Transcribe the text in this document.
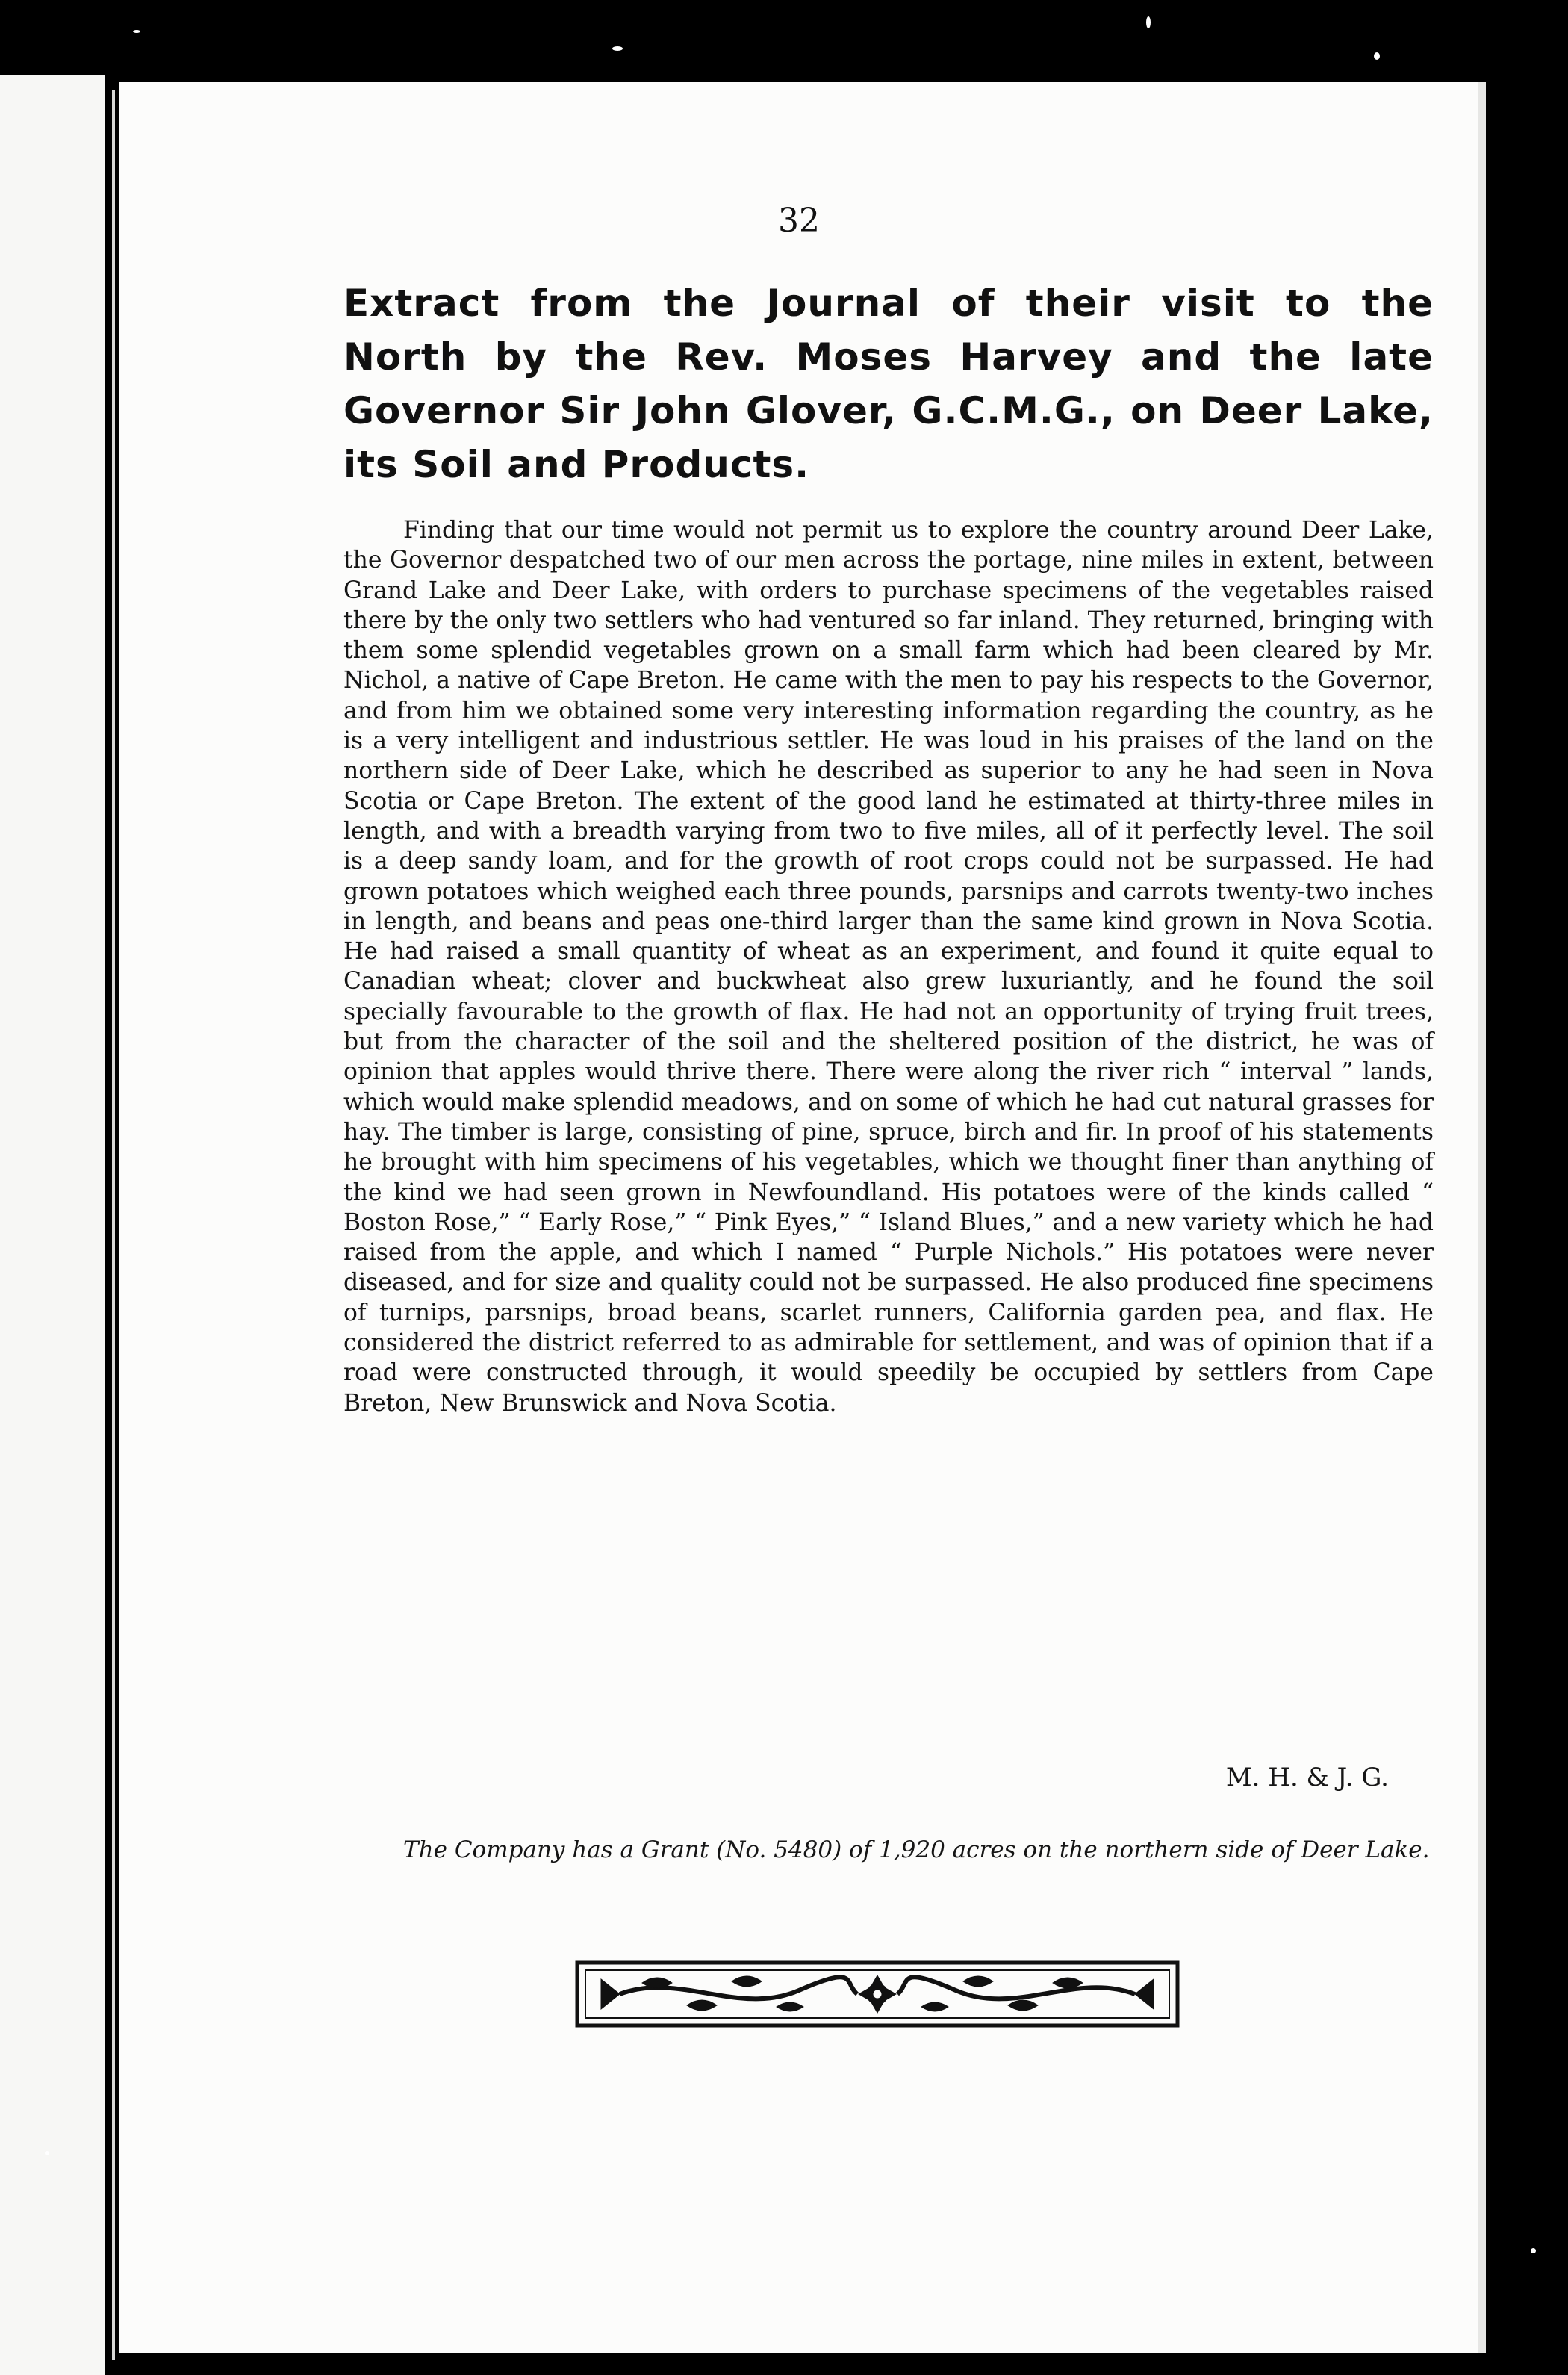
32
Extract from the Journal of their visit to the North by the Rev. Moses Harvey and the late Governor Sir John Glover, G.C.M.G., on Deer Lake, its Soil and Products.

Finding that our time would not permit us to explore the country around Deer Lake, the Governor despatched two of our men across the portage, nine miles in extent, between Grand Lake and Deer Lake, with orders to purchase specimens of the vegetables raised there by the only two settlers who had ventured so far inland. They returned, bringing with them some splendid vegetables grown on a small farm which had been cleared by Mr. Nichol, a native of Cape Breton. He came with the men to pay his respects to the Governor, and from him we obtained some very interesting information regarding the country, as he is a very intelligent and industrious settler. He was loud in his praises of the land on the northern side of Deer Lake, which he described as superior to any he had seen in Nova Scotia or Cape Breton. The extent of the good land he estimated at thirty-three miles in length, and with a breadth varying from two to five miles, all of it perfectly level. The soil is a deep sandy loam, and for the growth of root crops could not be surpassed. He had grown potatoes which weighed each three pounds, parsnips and carrots twenty-two inches in length, and beans and peas one-third larger than the same kind grown in Nova Scotia. He had raised a small quantity of wheat as an experiment, and found it quite equal to Canadian wheat; clover and buckwheat also grew luxuriantly, and he found the soil specially favourable to the growth of flax. He had not an opportunity of trying fruit trees, but from the character of the soil and the sheltered position of the district, he was of opinion that apples would thrive there. There were along the river rich “ interval ” lands, which would make splendid meadows, and on some of which he had cut natural grasses for hay. The timber is large, consisting of pine, spruce, birch and fir. In proof of his statements he brought with him specimens of his vegetables, which we thought finer than anything of the kind we had seen grown in Newfoundland. His potatoes were of the kinds called “ Boston Rose,” “ Early Rose,” “ Pink Eyes,” “ Island Blues,” and a new variety which he had raised from the apple, and which I named “ Purple Nichols.” His potatoes were never diseased, and for size and quality could not be surpassed. He also produced fine specimens of turnips, parsnips, broad beans, scarlet runners, California garden pea, and flax. He considered the district referred to as admirable for settlement, and was of opinion that if a road were constructed through, it would speedily be occupied by settlers from Cape Breton, New Brunswick and Nova Scotia.

M. H. & J. G.
The Company has a Grant (No. 5480) of 1,920 acres on the northern side of Deer Lake.
